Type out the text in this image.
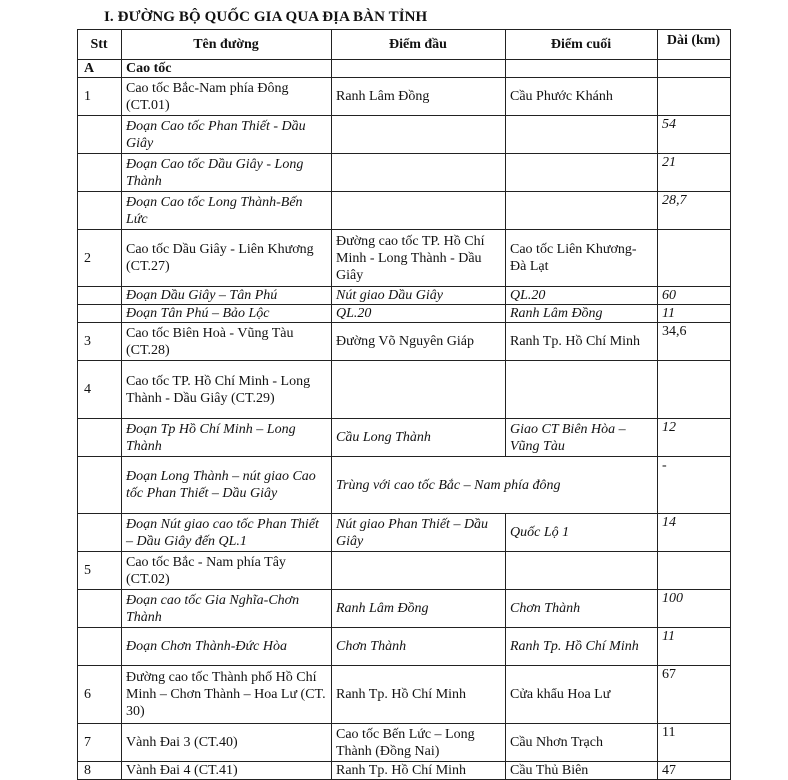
I. ĐƯỜNG BỘ QUỐC GIA QUA ĐỊA BÀN TỈNH
Stt	Tên đường	Điểm đầu	Điểm cuối	Dài (km)
A	Cao tốc			
1	Cao tốc Bắc-Nam phía Đông (CT.01)	Ranh Lâm Đồng	Cầu Phước Khánh	
	Đoạn Cao tốc Phan Thiết - Dầu Giây			54
	Đoạn Cao tốc Dầu Giây - Long Thành			21
	Đoạn Cao tốc Long Thành-Bến Lức			28,7
2	Cao tốc Dầu Giây - Liên Khương (CT.27)	Đường cao tốc TP. Hồ Chí Minh - Long Thành - Dầu Giây	Cao tốc Liên Khương-Đà Lạt	
	Đoạn Dầu Giây – Tân Phú	Nút giao Dầu Giây	QL.20	60
	Đoạn Tân Phú – Bảo Lộc	QL.20	Ranh Lâm Đồng	11
3	Cao tốc Biên Hoà - Vũng Tàu (CT.28)	Đường Võ Nguyên Giáp	Ranh Tp. Hồ Chí Minh	34,6
4	Cao tốc TP. Hồ Chí Minh - Long Thành - Dầu Giây (CT.29)			
	Đoạn Tp Hồ Chí Minh – Long Thành	Cầu Long Thành	Giao CT Biên Hòa – Vũng Tàu	12
	Đoạn Long Thành – nút giao Cao tốc Phan Thiết – Dầu Giây	Trùng với cao tốc Bắc – Nam phía đông		-
	Đoạn Nút giao cao tốc Phan Thiết – Dầu Giây đến QL.1	Nút giao Phan Thiết – Dầu Giây	Quốc Lộ 1	14
5	Cao tốc Bắc - Nam phía Tây (CT.02)			
	Đoạn cao tốc Gia Nghĩa-Chơn Thành	Ranh Lâm Đồng	Chơn Thành	100
	Đoạn Chơn Thành-Đức Hòa	Chơn Thành	Ranh Tp. Hồ Chí Minh	11
6	Đường cao tốc Thành phố Hồ Chí Minh – Chơn Thành – Hoa Lư (CT. 30)	Ranh Tp. Hồ Chí Minh	Cửa khẩu Hoa Lư	67
7	Vành Đai 3 (CT.40)	Cao tốc Bến Lức – Long Thành (Đồng Nai)	Cầu Nhơn Trạch	11
8	Vành Đai 4 (CT.41)	Ranh Tp. Hồ Chí Minh	Cầu Thủ Biên	47
